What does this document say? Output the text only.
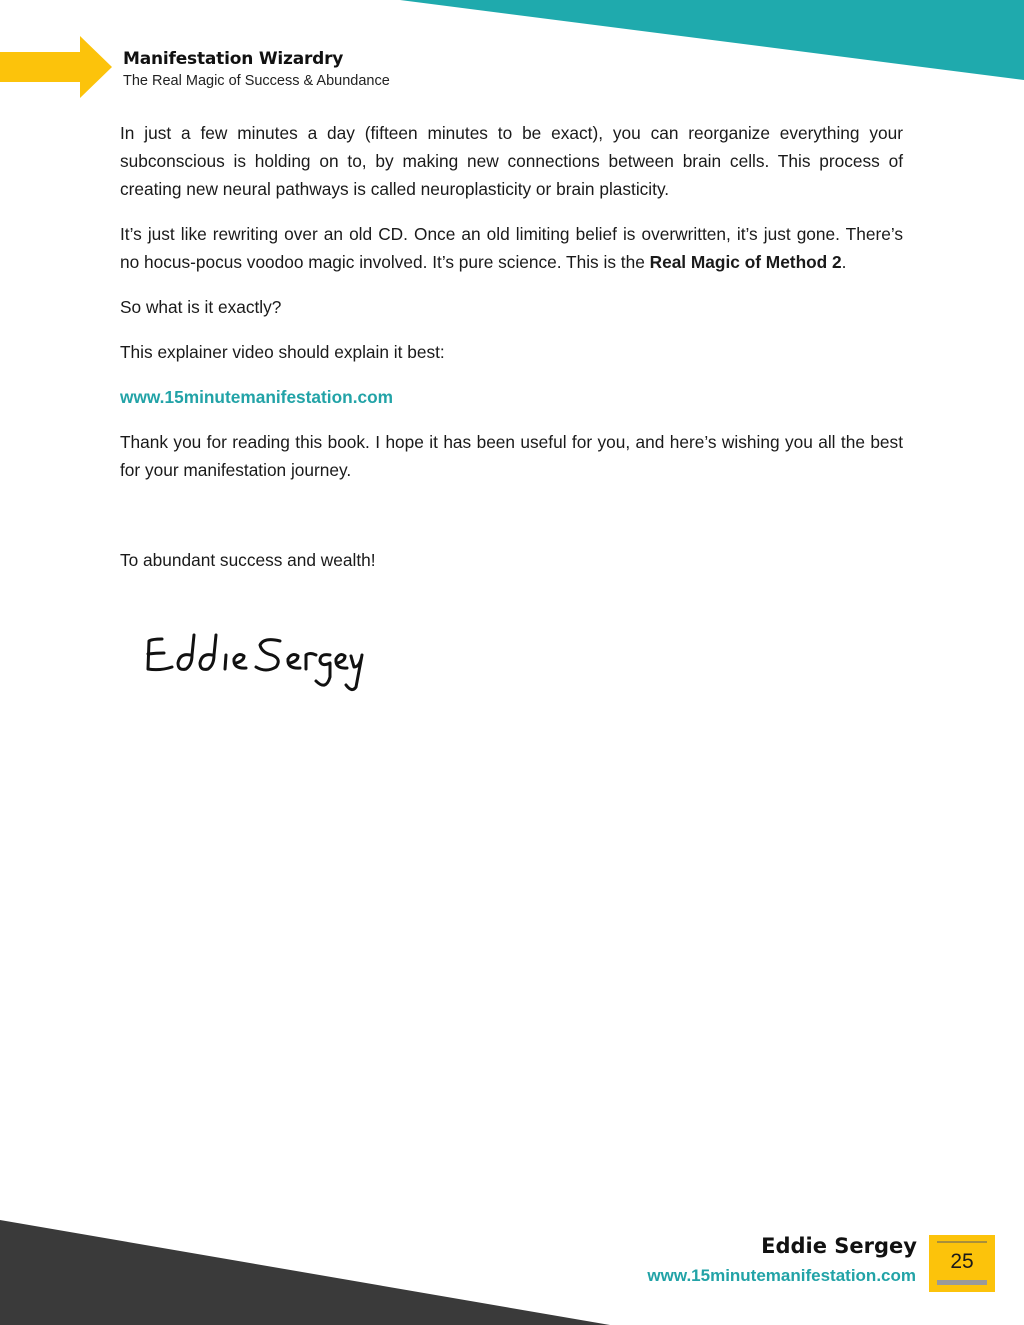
Manifestation Wizardry
The Real Magic of Success & Abundance

In just a few minutes a day (fifteen minutes to be exact), you can reorganize everything your subconscious is holding on to, by making new connections between brain cells. This process of creating new neural pathways is called neuroplasticity or brain plasticity.

It’s just like rewriting over an old CD. Once an old limiting belief is overwritten, it’s just gone. There’s no hocus-pocus voodoo magic involved. It’s pure science. This is the Real Magic of Method 2.

So what is it exactly?

This explainer video should explain it best:

www.15minutemanifestation.com

Thank you for reading this book. I hope it has been useful for you, and here’s wishing you all the best for your manifestation journey.

To abundant success and wealth!

Eddie Sergey
www.15minutemanifestation.com
25
